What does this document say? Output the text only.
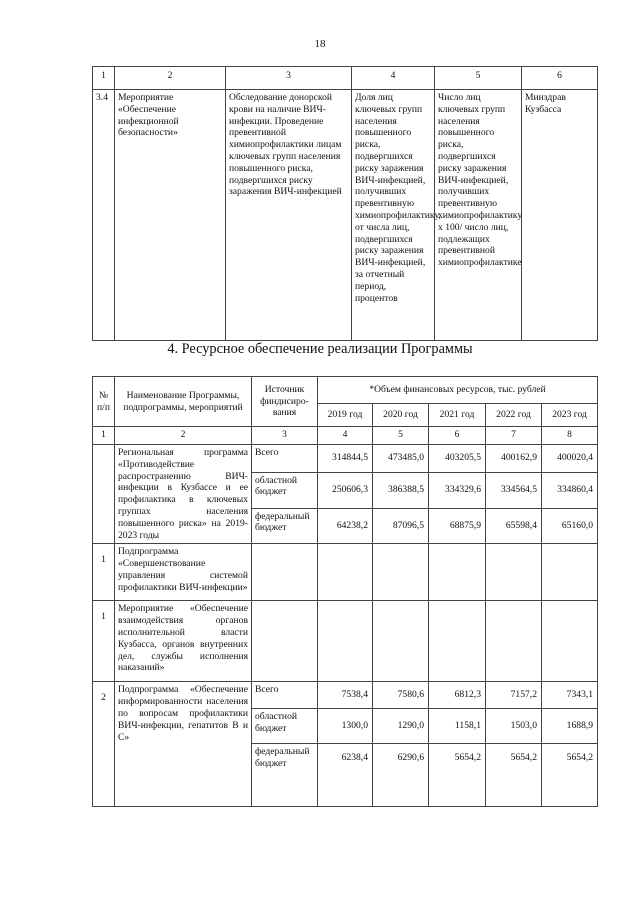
18
1	2	3	4	5	6
3.4	Мероприятие «Обеспечение инфекционной безопасности»	Обследование донорской крови на наличие ВИЧ-инфекции. Проведение превентивной химиопрофилактики лицам ключевых групп населения повышенного риска, подвергшихся риску заражения ВИЧ-инфекцией	Доля лиц ключевых групп населения повышенного риска, подвергшихся риску заражения ВИЧ-инфекцией, получивших превентивную химиопрофилактику, от числа лиц, подвергшихся риску заражения ВИЧ-инфекцией, за отчетный период, процентов	Число лиц ключевых групп населения повышенного риска, подвергшихся риску заражения ВИЧ-инфекцией, получивших превентивную химиопрофилактику х 100/ число лиц, подлежащих превентивной химиопрофилактике	Минздрав Кузбасса
4. Ресурсное обеспечение реализации Программы
№ п/п	Наименование Программы, подпрограммы, мероприятий	Источник финдисиро-вания	*Объем финансовых ресурсов, тыс. рублей				
			2019 год	2020 год	2021 год	2022 год	2023 год
1	2	3	4	5	6	7	8
	Региональная программа «Противодействие распространению ВИЧ-инфекции в Кузбассе и ее профилактика в ключевых группах населения повышенного риска» на 2019-2023 годы	Всего	314844,5	473485,0	403205,5	400162,9	400020,4
		областной бюджет	250606,3	386388,5	334329,6	334564,5	334860,4
		федеральный бюджет	64238,2	87096,5	68875,9	65598,4	65160,0
1	Подпрограмма «Совершенствование управления системой профилактики ВИЧ-инфекции»						
1	Мероприятие «Обеспечение взаимодействия органов исполнительной власти Кузбасса, органов внутренних дел, службы исполнения наказаний»						
2	Подпрограмма «Обеспечение информированности населения по вопросам профилактики ВИЧ-инфекции, гепатитов В и С»	Всего	7538,4	7580,6	6812,3	7157,2	7343,1
		областной бюджет	1300,0	1290,0	1158,1	1503,0	1688,9
		федеральный бюджет	6238,4	6290,6	5654,2	5654,2	5654,2
